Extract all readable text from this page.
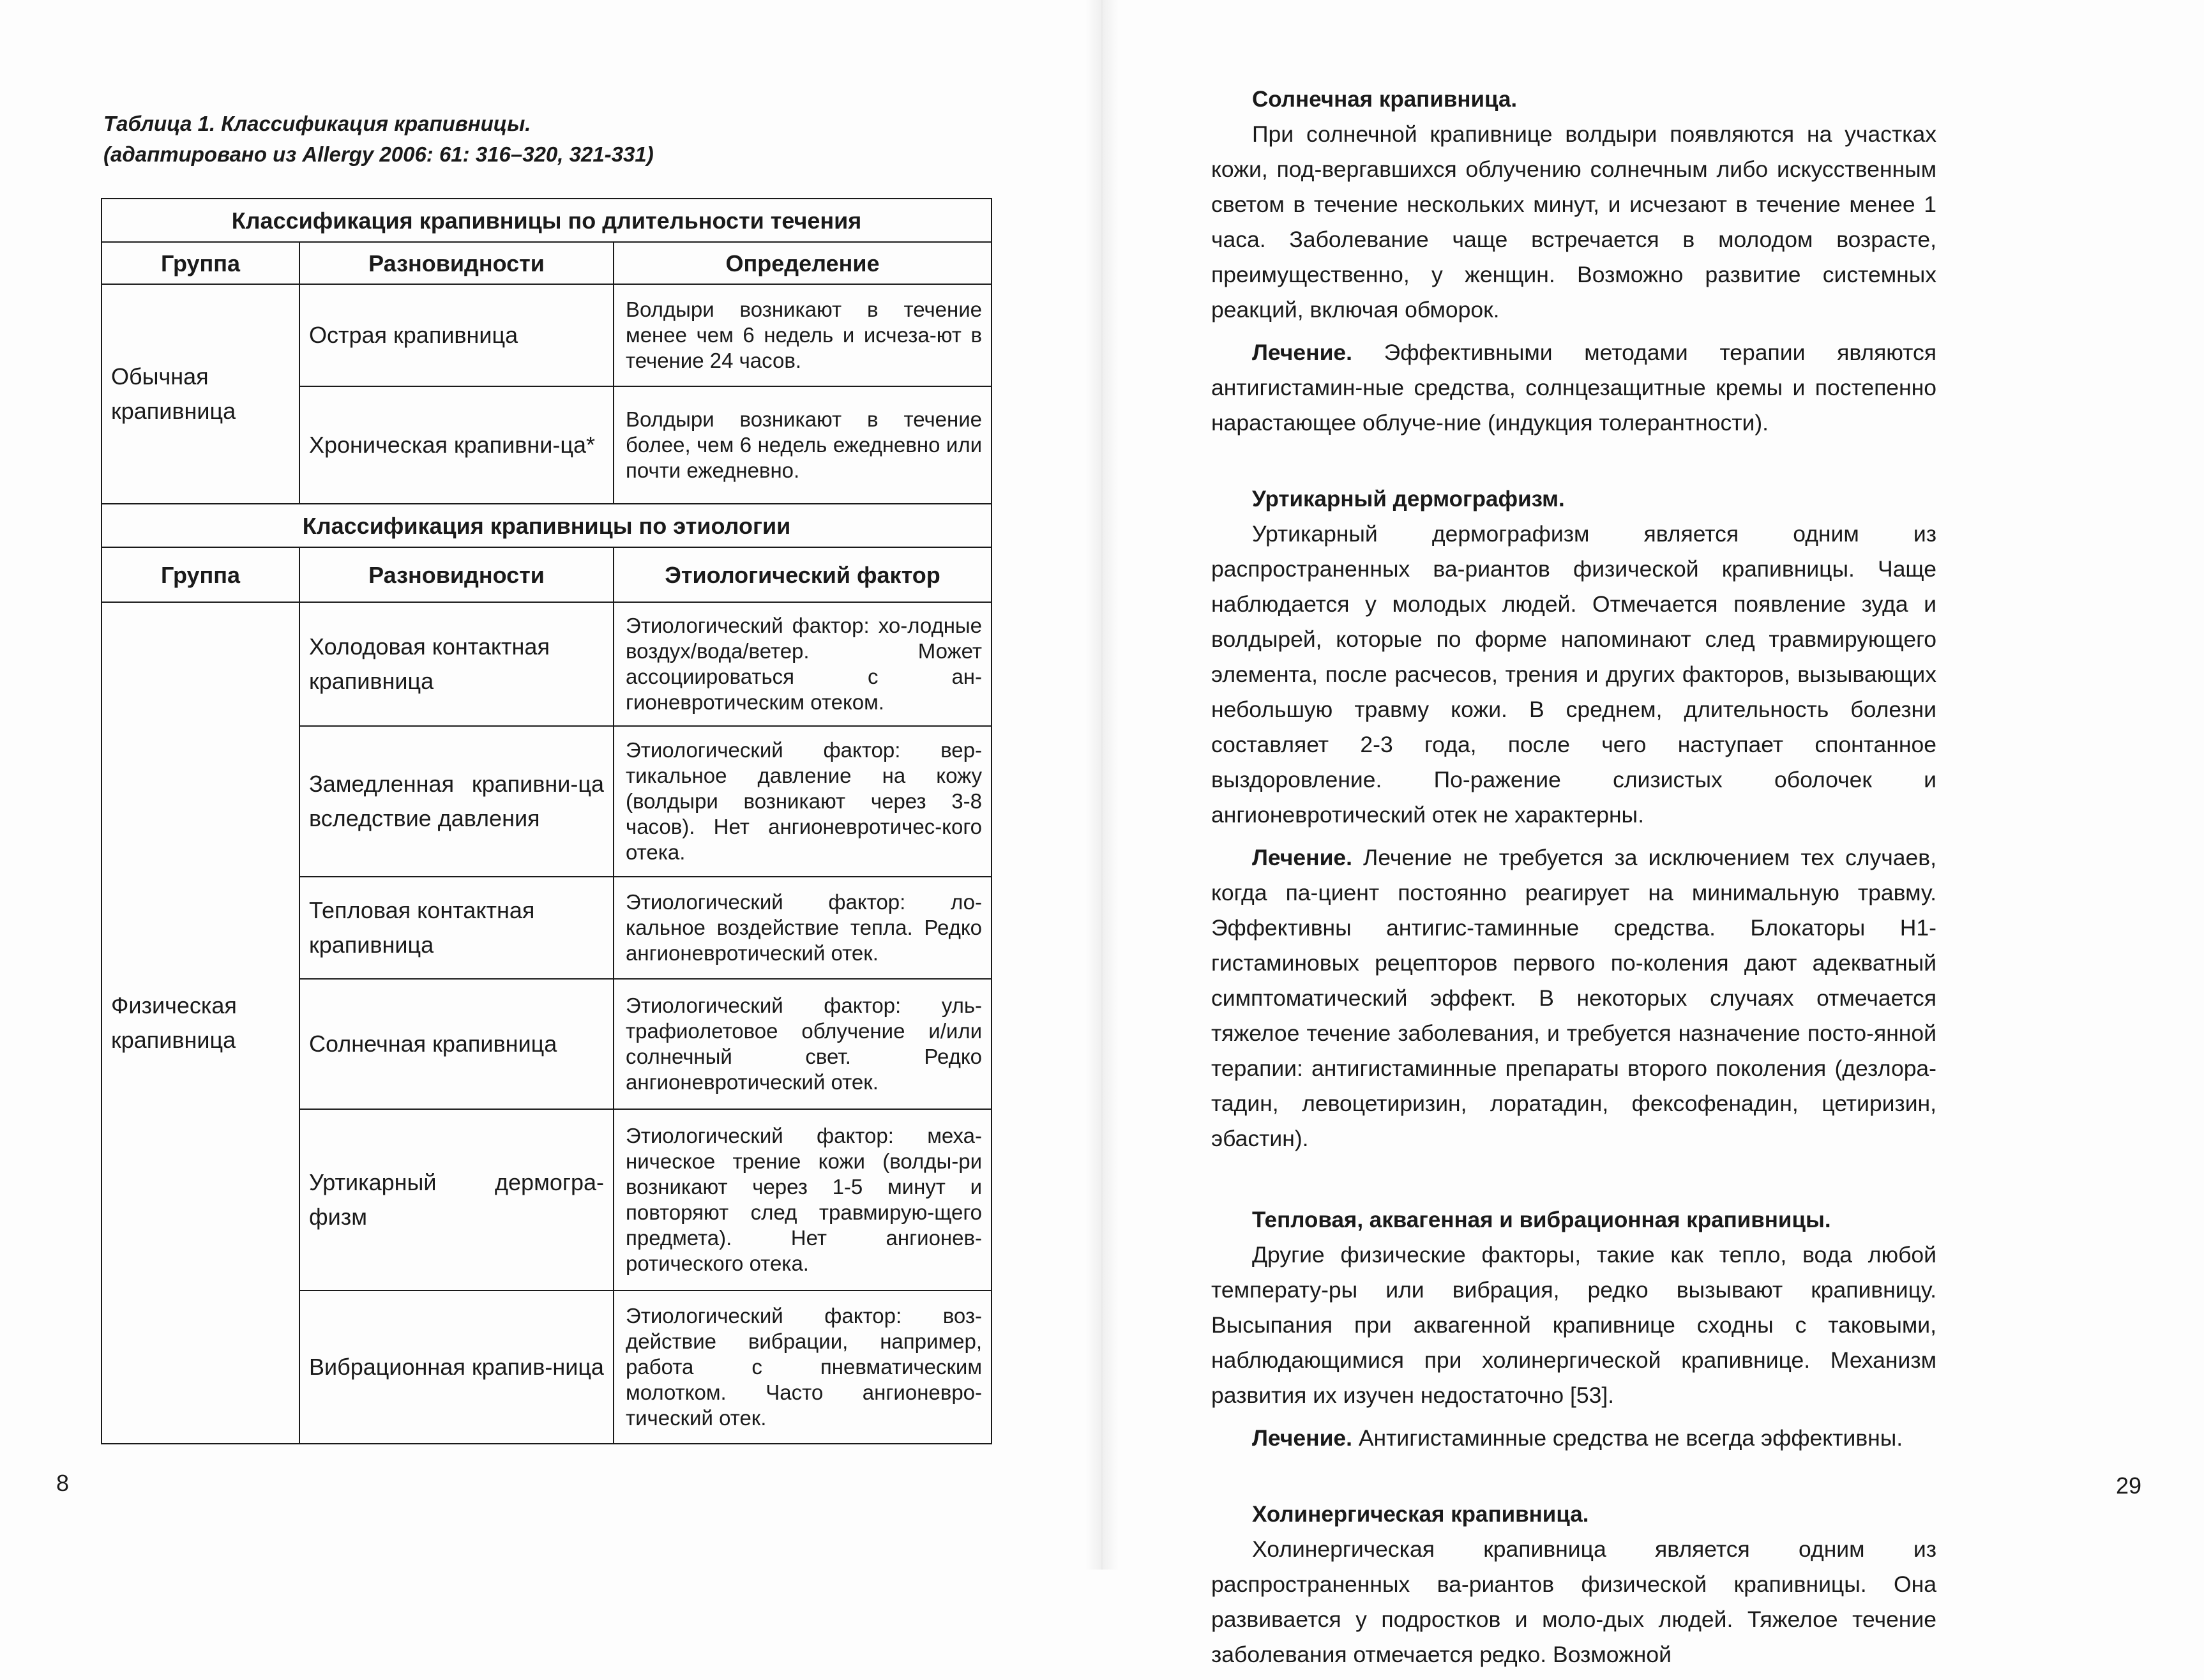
Таблица 1. Классификация крапивницы.
(адаптировано из Allergy 2006: 61: 316–320, 321-331)
Классификация крапивницы по длительности течения		
Группа	Разновидности	Определение
Обычная крапивница	Острая крапивница	Волдыри возникают в течение менее чем 6 недель и исчеза-ют в течение 24 часов.
	Хроническая крапивни-ца*	Волдыри возникают в течение более, чем 6 недель ежедневно или почти ежедневно.
Классификация крапивницы по этиологии		
Группа	Разновидности	Этиологический фактор
Физическая крапивница	Холодовая контактная крапивница	Этиологический фактор: хо-лодные воздух/вода/ветер. Может ассоциироваться с ан-гионевротическим отеком.
	Замедленная крапивни-ца вследствие давления	Этиологический фактор: вер-тикальное давление на кожу (волдыри возникают через 3-8 часов). Нет ангионевротичес-кого отека.
	Тепловая контактная крапивница	Этиологический фактор: ло-кальное воздействие тепла. Редко ангионевротический отек.
	Солнечная крапивница	Этиологический фактор: уль-трафиолетовое облучение и/или солнечный свет. Редко ангионевротический отек.
	Уртикарный дермогра-физм	Этиологический фактор: меха-ническое трение кожи (волды-ри возникают через 1-5 минут и повторяют след травмирую-щего предмета). Нет ангионев-ротического отека.
	Вибрационная крапив-ница	Этиологический фактор: воз-действие вибрации, например, работа с пневматическим молотком. Часто ангионевро-тический отек.
8
Солнечная крапивница.

При солнечной крапивнице волдыри появляются на участках кожи, под-вергавшихся облучению солнечным либо искусственным светом в течение нескольких минут, и исчезают в течение менее 1 часа. Заболевание чаще встречается в молодом возрасте, преимущественно, у женщин. Возможно развитие системных реакций, включая обморок.

Лечение. Эффективными методами терапии являются антигистамин-ные средства, солнцезащитные кремы и постепенно нарастающее облуче-ние (индукция толерантности).

Уртикарный дермографизм.

Уртикарный дермографизм является одним из распространенных ва-риантов физической крапивницы. Чаще наблюдается у молодых людей. Отмечается появление зуда и волдырей, которые по форме напоминают след травмирующего элемента, после расчесов, трения и других факторов, вызывающих небольшую травму кожи. В среднем, длительность болезни составляет 2-3 года, после чего наступает спонтанное выздоровление. По-ражение слизистых оболочек и ангионевротический отек не характерны.

Лечение. Лечение не требуется за исключением тех случаев, когда па-циент постоянно реагирует на минимальную травму. Эффективны антигис-таминные средства. Блокаторы H1-гистаминовых рецепторов первого по-коления дают адекватный симптоматический эффект. В некоторых случаях отмечается тяжелое течение заболевания, и требуется назначение посто-янной терапии: антигистаминные препараты второго поколения (дезлора-тадин, левоцетиризин, лоратадин, фексофенадин, цетиризин, эбастин).

Тепловая, аквагенная и вибрационная крапивницы.

Другие физические факторы, такие как тепло, вода любой температу-ры или вибрация, редко вызывают крапивницу. Высыпания при аквагенной крапивнице сходны с таковыми, наблюдающимися при холинергической крапивнице. Механизм развития их изучен недостаточно [53].

Лечение. Антигистаминные средства не всегда эффективны.

Холинергическая крапивница.

Холинергическая крапивница является одним из распространенных ва-риантов физической крапивницы. Она развивается у подростков и моло-дых людей. Тяжелое течение заболевания отмечается редко. Возможной

29
